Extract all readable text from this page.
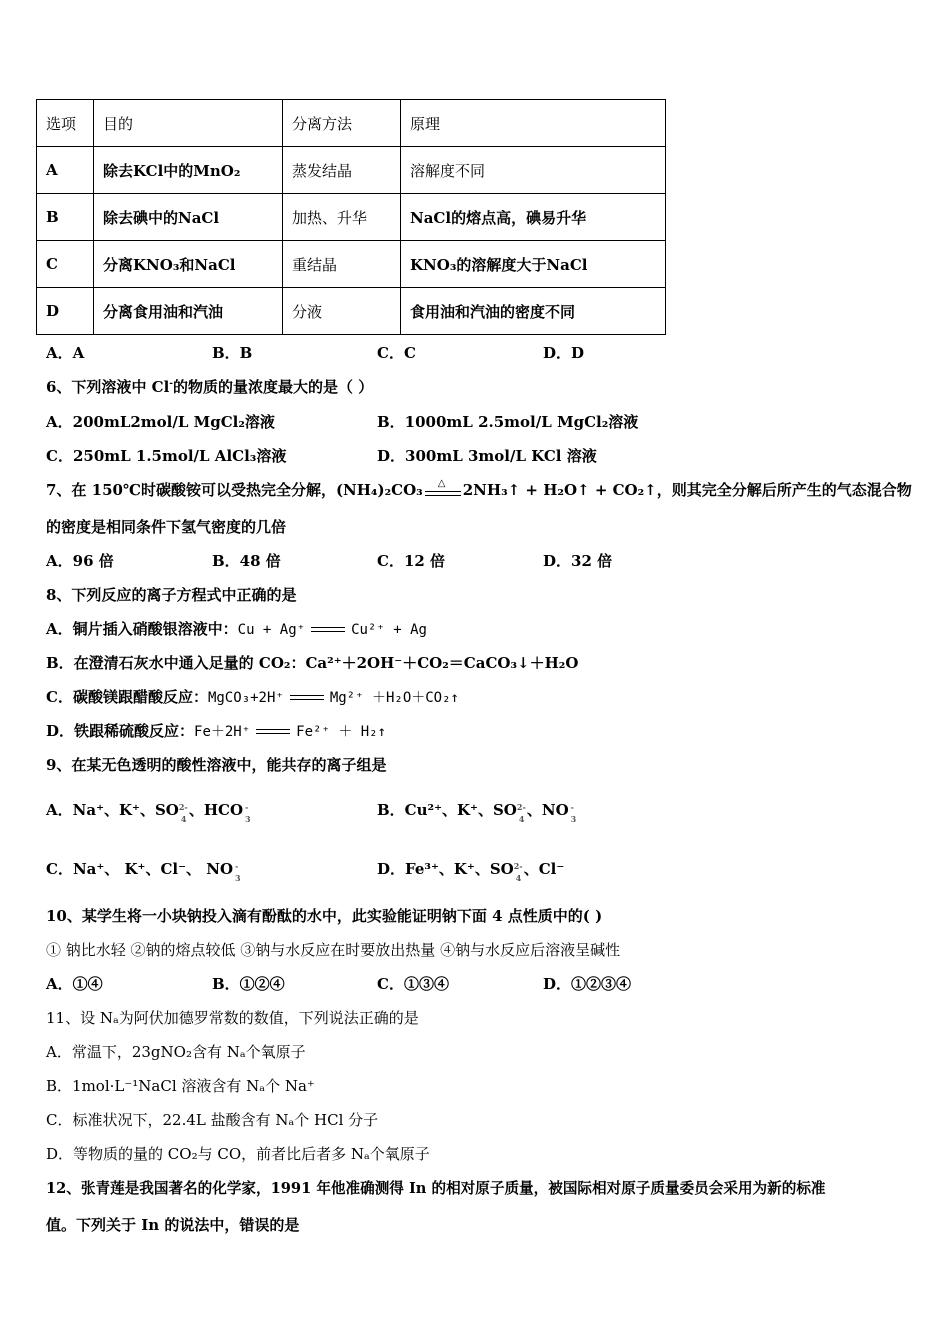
选项	目的	分离方法	原理
A	除去KCl中的MnO₂	蒸发结晶	溶解度不同
B	除去碘中的NaCl	加热、升华	NaCl的熔点高，碘易升华
C	分离KNO₃和NaCl	重结晶	KNO₃的溶解度大于NaCl
D	分离食用油和汽油	分液	食用油和汽油的密度不同
A．A	B．B	C．C	D．D
6、下列溶液中 Cl-的物质的量浓度最大的是（ ）
A．200mL2mol/L MgCl₂溶液	B．1000mL 2.5mol/L MgCl₂溶液
C．250mL 1.5mol/L AlCl₃溶液	D．300mL 3mol/L KCl 溶液
7、在 150℃时碳酸铵可以受热完全分解，(NH₄)₂CO₃ △ 2NH₃↑ + H₂O↑ + CO₂↑，则其完全分解后所产生的气态混合物
的密度是相同条件下氢气密度的几倍
A．96 倍	B．48 倍	C．12 倍	D．32 倍
8、下列反应的离子方程式中正确的是
A．铜片插入硝酸银溶液中：Cu + Ag⁺	Cu²⁺ + Ag
B．在澄清石灰水中通入足量的 CO₂：Ca²⁺＋2OH⁻＋CO₂＝CaCO₃↓＋H₂O
C．碳酸镁跟醋酸反应：MgCO₃+2H⁺	Mg²⁺ ＋H₂O＋CO₂↑
D．铁跟稀硫酸反应：Fe＋2H⁺	Fe²⁺ ＋ H₂↑
9、在某无色透明的酸性溶液中，能共存的离子组是
A．Na⁺、K⁺、SO 2-
4 、HCO -
3	B．Cu²⁺、K⁺、SO 2-
4 、NO -
3
C．Na⁺、 K⁺、Cl⁻、 NO -
3	D．Fe³⁺、K⁺、SO 2-
4 、Cl⁻
10、某学生将一小块钠投入滴有酚酞的水中，此实验能证明钠下面 4 点性质中的( )
① 钠比水轻 ②钠的熔点较低 ③钠与水反应在时要放出热量 ④钠与水反应后溶液呈碱性
A．①④	B．①②④	C．①③④	D．①②③④
11、设 Nₐ为阿伏加德罗常数的数值，下列说法正确的是
A．常温下，23gNO₂含有 Nₐ个氧原子
B．1mol·L⁻¹NaCl 溶液含有 Nₐ个 Na⁺
C．标准状况下，22.4L 盐酸含有 Nₐ个 HCl 分子
D．等物质的量的 CO₂与 CO，前者比后者多 Nₐ个氧原子
12、张青莲是我国著名的化学家，1991 年他准确测得 In 的相对原子质量，被国际相对原子质量委员会采用为新的标准
值。下列关于 In 的说法中，错误的是
